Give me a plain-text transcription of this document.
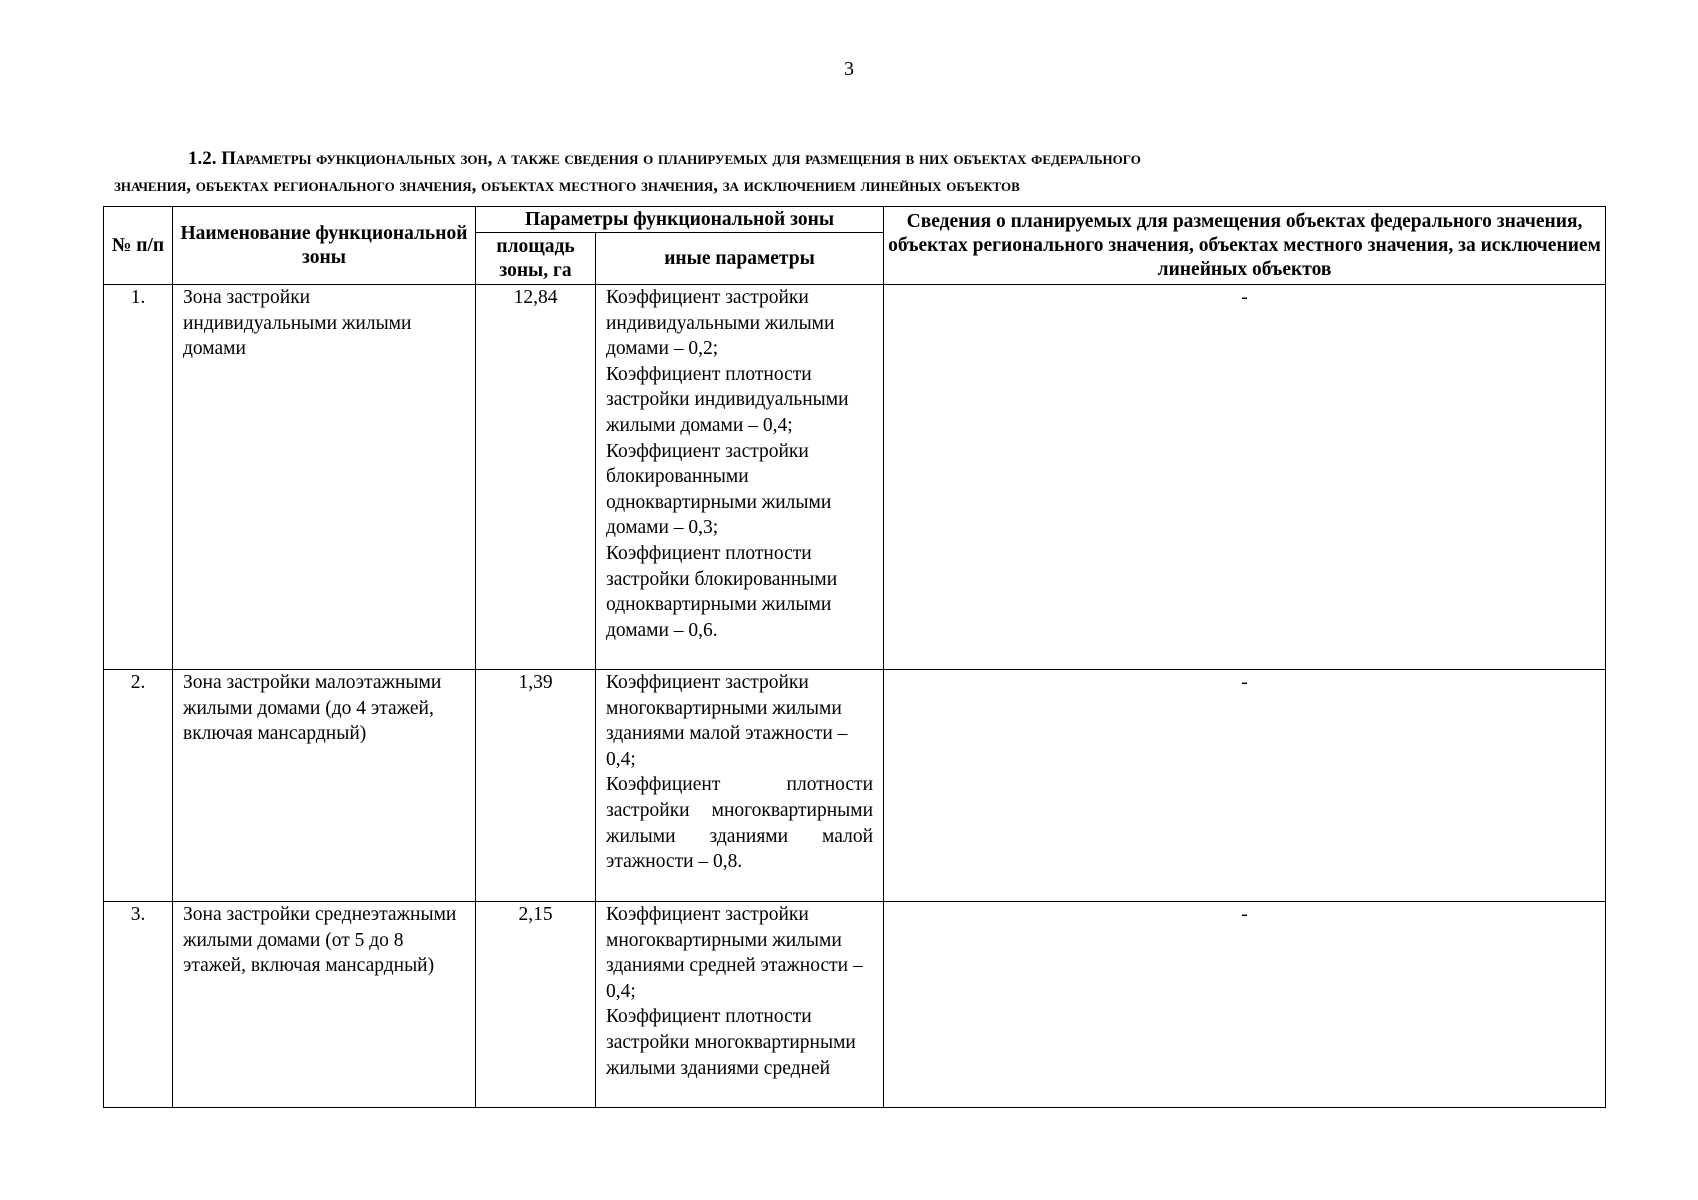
3
1.2. Параметры функциональных зон, а также сведения о планируемых для размещения в них объектах федерального
значения, объектах регионального значения, объектах местного значения, за исключением линейных объектов
№ п/п	Наименование функциональной зоны	Параметры функциональной зоны		Сведения о планируемых для размещения объектах федерального значения, объектах регионального значения, объектах местного значения, за исключением линейных объектов
		площадь зоны, га	иные параметры	
1.	Зона застройки индивидуальными жилыми домами	12,84	Коэффициент застройки индивидуальными жилыми домами – 0,2;
Коэффициент плотности застройки индивидуальными жилыми домами – 0,4;
Коэффициент застройки блокированными одноквартирными жилыми домами – 0,3;
Коэффициент плотности застройки блокированными одноквартирными жилыми домами – 0,6.	-
2.	Зона застройки малоэтажными жилыми домами (до 4 этажей, включая мансардный)	1,39	Коэффициент застройки многоквартирными жилыми зданиями малой этажности – 0,4;
Коэффициент плотности застройки многоквартирными жилыми зданиями малой этажности – 0,8.	-
3.	Зона застройки среднеэтажными жилыми домами (от 5 до 8 этажей, включая мансардный)	2,15	Коэффициент застройки многоквартирными жилыми зданиями средней этажности – 0,4;
Коэффициент плотности застройки многоквартирными жилыми зданиями средней	-
